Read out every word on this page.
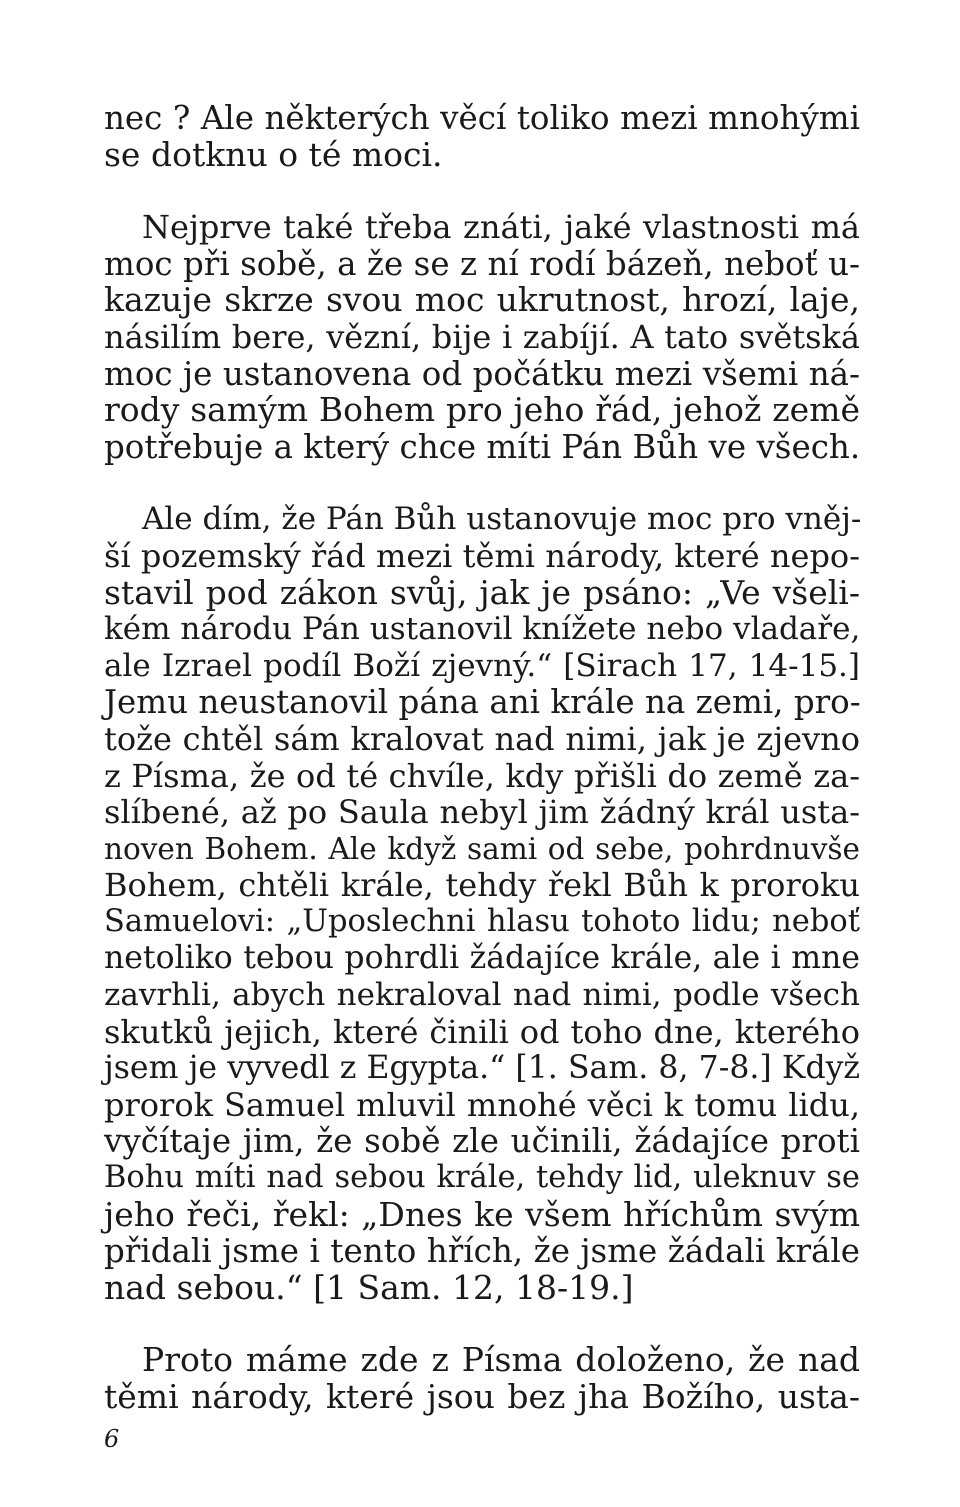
nec ? Ale některých věcí toliko mezi mnohými
se dotknu o té moci.
Nejprve také třeba znáti, jaké vlastnosti má
moc při sobě, a že se z ní rodí bázeň, neboť u-
kazuje skrze svou moc ukrutnost, hrozí, laje,
násilím bere, vězní, bije i zabíjí. A tato světská
moc je ustanovena od počátku mezi všemi ná-
rody samým Bohem pro jeho řád, jehož země
potřebuje a který chce míti Pán Bůh ve všech.
Ale dím, že Pán Bůh ustanovuje moc pro vněj-
ší pozemský řád mezi těmi národy, které nepo-
stavil pod zákon svůj, jak je psáno: „Ve všeli-
kém národu Pán ustanovil knížete nebo vladaře,
ale Izrael podíl Boží zjevný.“ [Sirach 17, 14-15.]
Jemu neustanovil pána ani krále na zemi, pro-
tože chtěl sám kralovat nad nimi, jak je zjevno
z Písma, že od té chvíle, kdy přišli do země za-
slíbené, až po Saula nebyl jim žádný král usta-
noven Bohem. Ale když sami od sebe, pohrdnuvše
Bohem, chtěli krále, tehdy řekl Bůh k proroku
Samuelovi: „Uposlechni hlasu tohoto lidu; neboť
netoliko tebou pohrdli žádajíce krále, ale i mne
zavrhli, abych nekraloval nad nimi, podle všech
skutků jejich, které činili od toho dne, kterého
jsem je vyvedl z Egypta.“ [1. Sam. 8, 7-8.] Když
prorok Samuel mluvil mnohé věci k tomu lidu,
vyčítaje jim, že sobě zle učinili, žádajíce proti
Bohu míti nad sebou krále, tehdy lid, uleknuv se
jeho řeči, řekl: „Dnes ke všem hříchům svým
přidali jsme i tento hřích, že jsme žádali krále
nad sebou.“ [1 Sam. 12, 18-19.]
Proto máme zde z Písma doloženo, že nad
těmi národy, které jsou bez jha Božího, usta-
6
